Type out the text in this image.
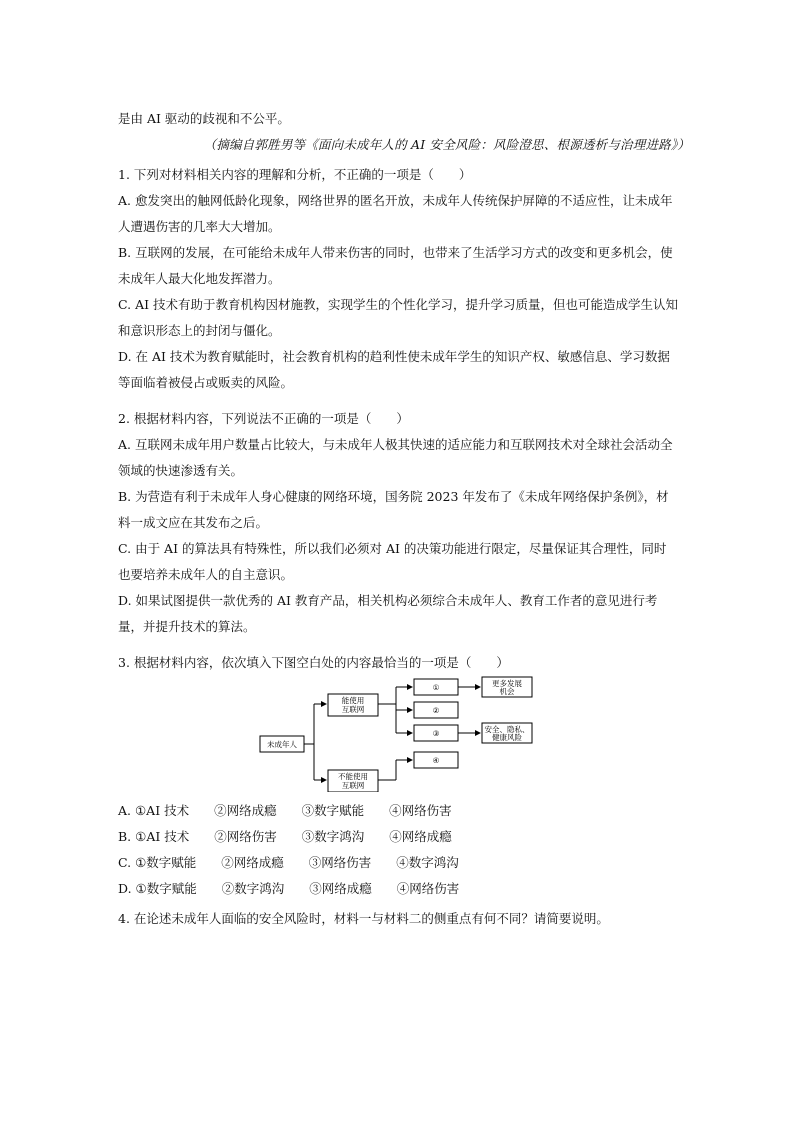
是由 AI 驱动的歧视和不公平。

（摘编自郭胜男等《面向未成年人的 AI 安全风险：风险澄思、根源透析与治理进路》）

1. 下列对材料相关内容的理解和分析，不正确的一项是（　　）

A. 愈发突出的触网低龄化现象，网络世界的匿名开放，未成年人传统保护屏障的不适应性，让未成年人遭遇伤害的几率大大增加。

B. 互联网的发展，在可能给未成年人带来伤害的同时，也带来了生活学习方式的改变和更多机会，使未成年人最大化地发挥潜力。

C. AI 技术有助于教育机构因材施教，实现学生的个性化学习，提升学习质量，但也可能造成学生认知和意识形态上的封闭与僵化。

D. 在 AI 技术为教育赋能时，社会教育机构的趋利性使未成年学生的知识产权、敏感信息、学习数据等面临着被侵占或贩卖的风险。

2. 根据材料内容，下列说法不正确的一项是（　　）

A. 互联网未成年用户数量占比较大，与未成年人极其快速的适应能力和互联网技术对全球社会活动全领域的快速渗透有关。

B. 为营造有利于未成年人身心健康的网络环境，国务院 2023 年发布了《未成年网络保护条例》，材料一成文应在其发布之后。

C. 由于 AI 的算法具有特殊性，所以我们必须对 AI 的决策功能进行限定，尽量保证其合理性，同时也要培养未成年人的自主意识。

D. 如果试图提供一款优秀的 AI 教育产品，相关机构必须综合未成年人、教育工作者的意见进行考量，并提升技术的算法。

3. 根据材料内容，依次填入下图空白处的内容最恰当的一项是（　　）

未成年人
能使用
互联网
不能使用
互联网
①
②
③
④
更多发展
机会
安全、隐私、
健康风险

A. ①AI 技术　　②网络成瘾　　③数字赋能　　④网络伤害

B. ①AI 技术　　②网络伤害　　③数字鸿沟　　④网络成瘾

C. ①数字赋能　　②网络成瘾　　③网络伤害　　④数字鸿沟

D. ①数字赋能　　②数字鸿沟　　③网络成瘾　　④网络伤害

4. 在论述未成年人面临的安全风险时，材料一与材料二的侧重点有何不同？请简要说明。
